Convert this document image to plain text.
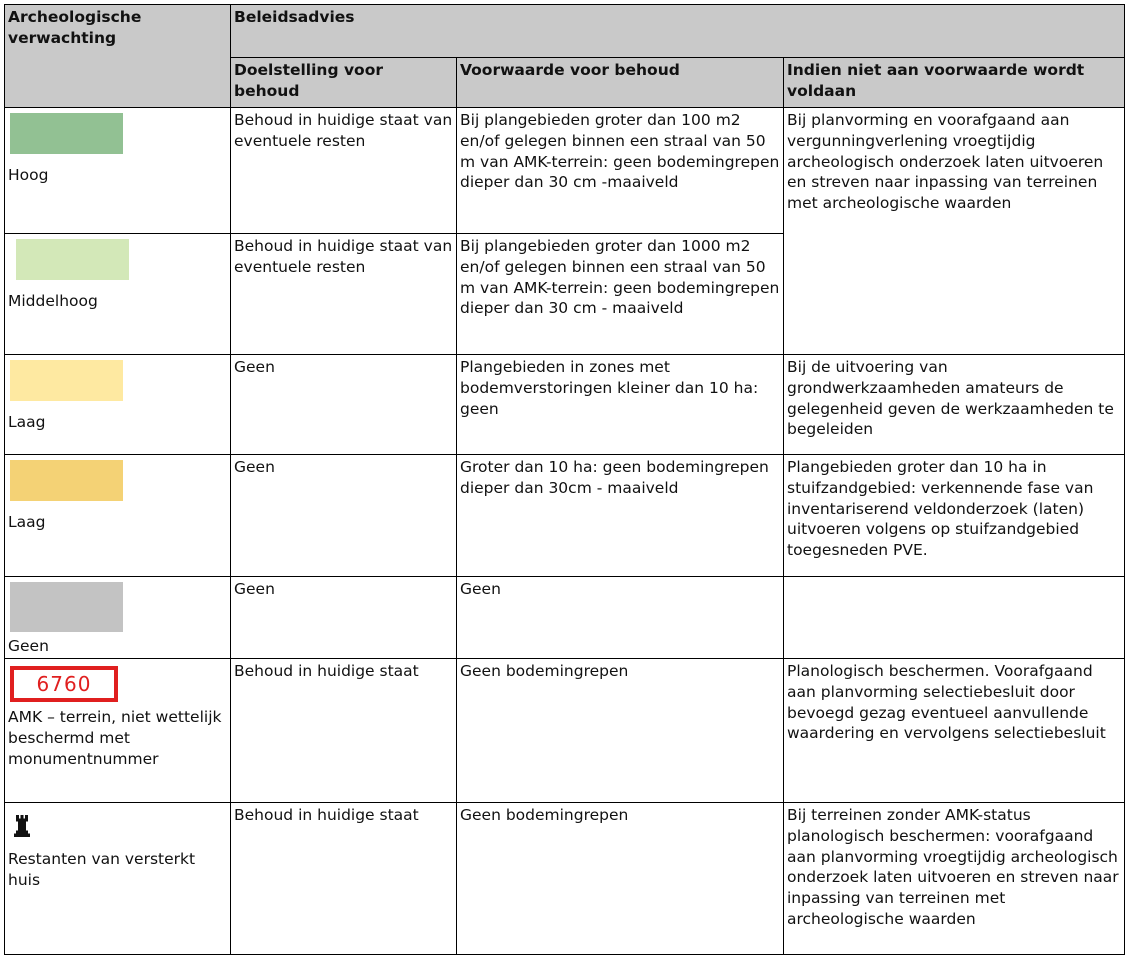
Archeologische verwachting	Beleidsadvies		
	Doelstelling voor behoud	Voorwaarde voor behoud	Indien niet aan voorwaarde wordt voldaan

Hoog	Behoud in huidige staat van eventuele resten	Bij plangebieden groter dan 100 m2 en/of gelegen binnen een straal van 50 m van AMK-terrein: geen bodemingrepen dieper dan 30 cm -maaiveld	Bij planvorming en voorafgaand aan vergunningverlening vroegtijdig archeologisch onderzoek laten uitvoeren en streven naar inpassing van terreinen met archeologische waarden

Middelhoog	Behoud in huidige staat van eventuele resten	Bij plangebieden groter dan 1000 m2 en/of gelegen binnen een straal van 50 m van AMK-terrein: geen bodemingrepen dieper dan 30 cm - maaiveld	

Laag	Geen	Plangebieden in zones met bodemverstoringen kleiner dan 10 ha: geen	Bij de uitvoering van grondwerkzaamheden amateurs de gelegenheid geven de werkzaamheden te begeleiden

Laag	Geen	Groter dan 10 ha: geen bodemingrepen dieper dan 30cm - maaiveld	Plangebieden groter dan 10 ha in stuifzandgebied: verkennende fase van inventariserend veldonderzoek (laten) uitvoeren volgens op stuifzandgebied toegesneden PVE.

Geen	Geen	Geen	

6760
AMK – terrein, niet wettelijk beschermd met monumentnummer	Behoud in huidige staat	Geen bodemingrepen	Planologisch beschermen. Voorafgaand aan planvorming selectiebesluit door bevoegd gezag eventueel aanvullende waardering en vervolgens selectiebesluit

Restanten van versterkt huis	Behoud in huidige staat	Geen bodemingrepen	Bij terreinen zonder AMK-status planologisch beschermen: voorafgaand aan planvorming vroegtijdig archeologisch onderzoek laten uitvoeren en streven naar inpassing van terreinen met archeologische waarden
